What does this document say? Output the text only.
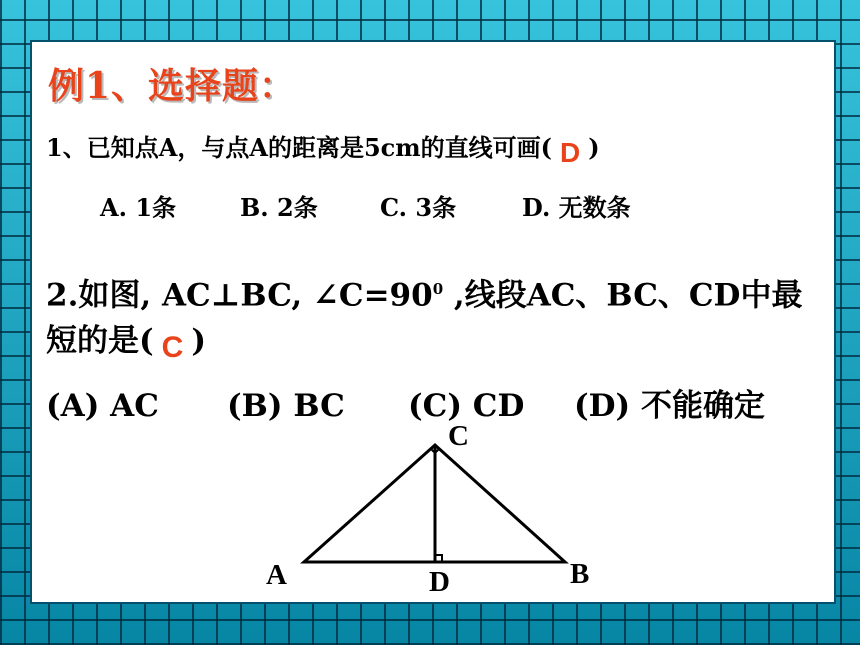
例1、选择题：
1、已知点A，与点A的距离是5cm的直线可画( D )
A. 1条	B. 2条	C. 3条	D. 无数条
2.如图, AC⊥BC, $\angle C=90^0$ ,线段AC、BC、CD中最短的是( C )
(A) AC (B) BC (C) CD (D) 不能确定
A	B
C
D
